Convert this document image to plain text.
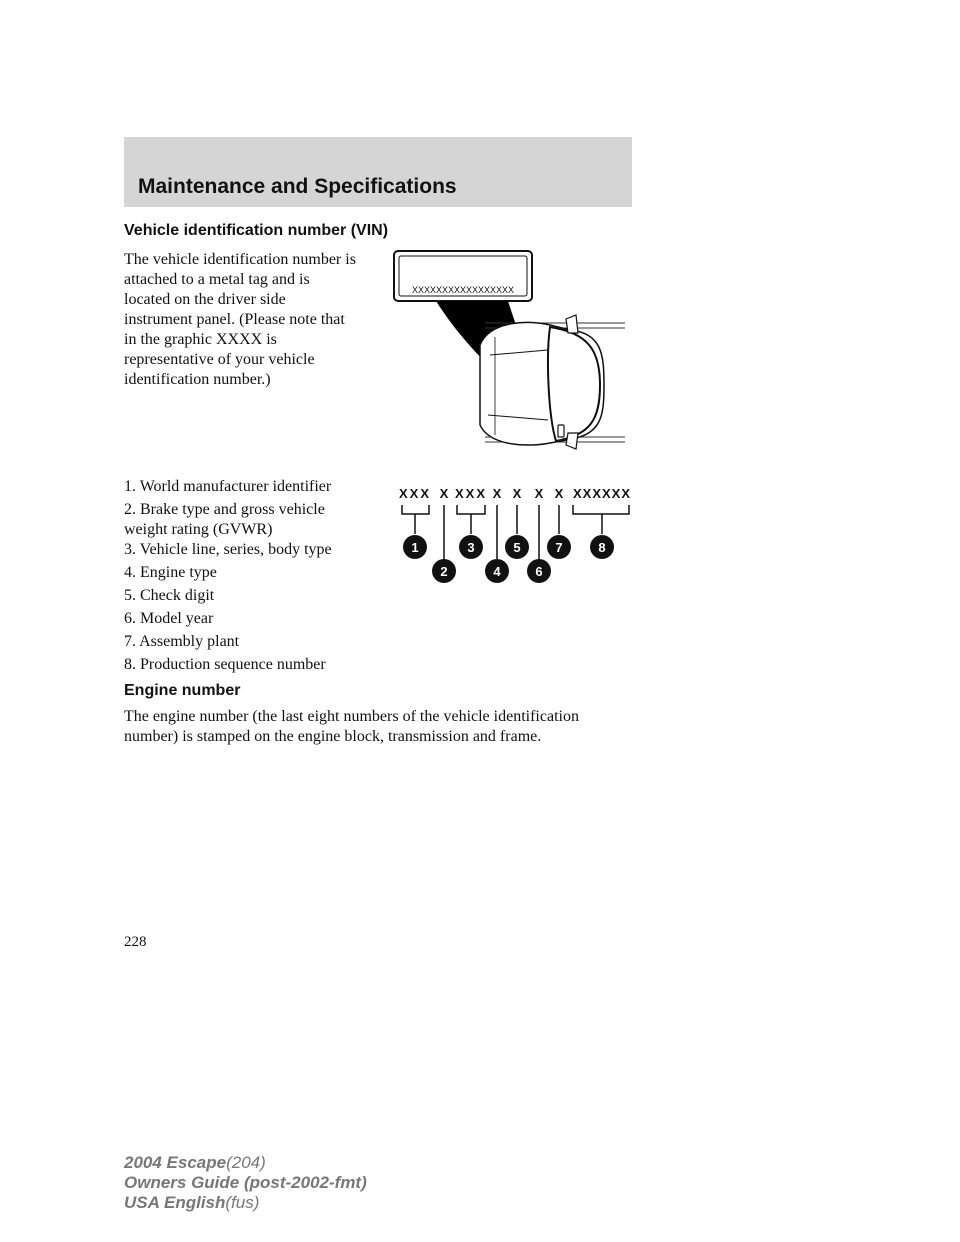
Maintenance and Specifications
Vehicle identification number (VIN)
The vehicle identification number is
attached to a metal tag and is
located on the driver side
instrument panel. (Please note that
in the graphic XXXX is
representative of your vehicle
identification number.)
XXXXXXXXXXXXXXXXX
1. World manufacturer identifier
2. Brake type and gross vehicle
weight rating (GVWR)
3. Vehicle line, series, body type
4. Engine type
5. Check digit
6. Model year
7. Assembly plant
8. Production sequence number
XXX X XXX X X X X XXXXXX
1
2
3
4
5
6
7	8
Engine number
The engine number (the last eight numbers of the vehicle identification
number) is stamped on the engine block, transmission and frame.
228
2004 Escape(204)
Owners Guide (post-2002-fmt)
USA English(fus)
